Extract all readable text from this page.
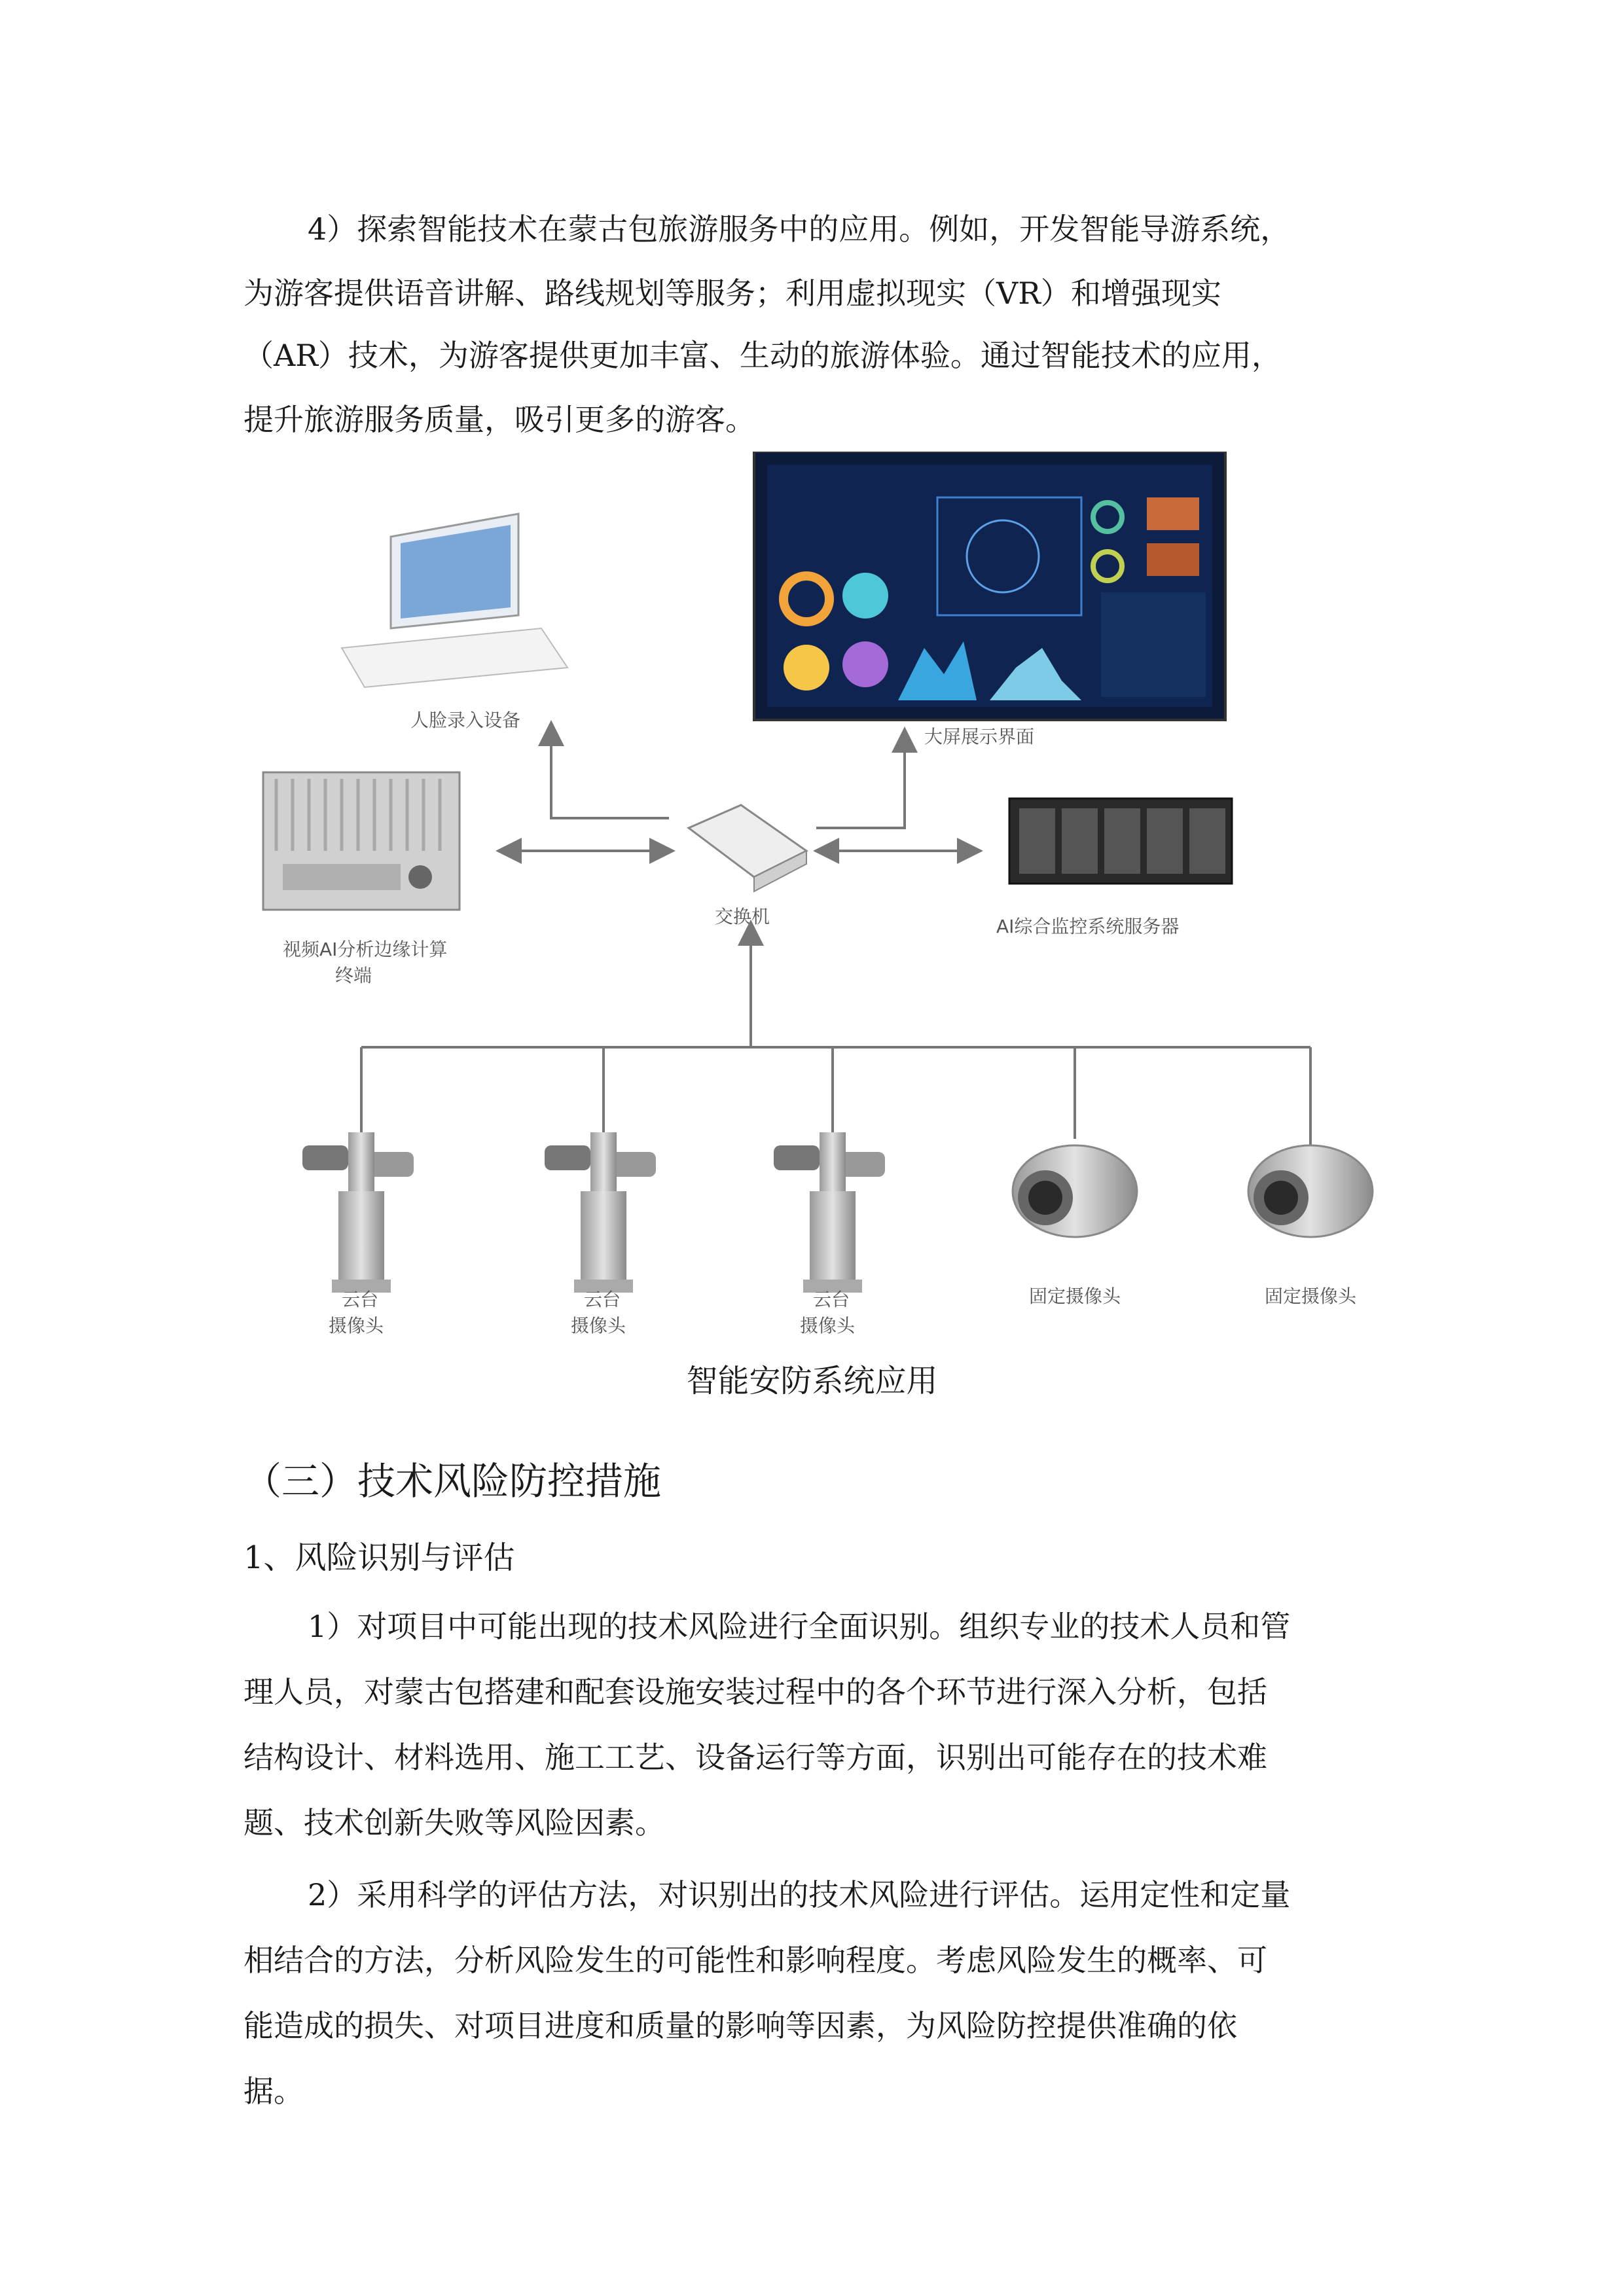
4）探索智能技术在蒙古包旅游服务中的应用。例如，开发智能导游系统，
为游客提供语音讲解、路线规划等服务；利用虚拟现实（VR）和增强现实
（AR）技术，为游客提供更加丰富、生动的旅游体验。通过智能技术的应用，
提升旅游服务质量，吸引更多的游客。
人脸录入设备
大屏展示界面
视频AI分析边缘计算
终端
交换机	AI综合监控系统服务器
云台
摄像头
云台
摄像头
云台
摄像头
固定摄像头	固定摄像头
智能安防系统应用
（三）技术风险防控措施
1、风险识别与评估
1）对项目中可能出现的技术风险进行全面识别。组织专业的技术人员和管
理人员，对蒙古包搭建和配套设施安装过程中的各个环节进行深入分析，包括
结构设计、材料选用、施工工艺、设备运行等方面，识别出可能存在的技术难
题、技术创新失败等风险因素。
2）采用科学的评估方法，对识别出的技术风险进行评估。运用定性和定量
相结合的方法，分析风险发生的可能性和影响程度。考虑风险发生的概率、可
能造成的损失、对项目进度和质量的影响等因素，为风险防控提供准确的依
据。
